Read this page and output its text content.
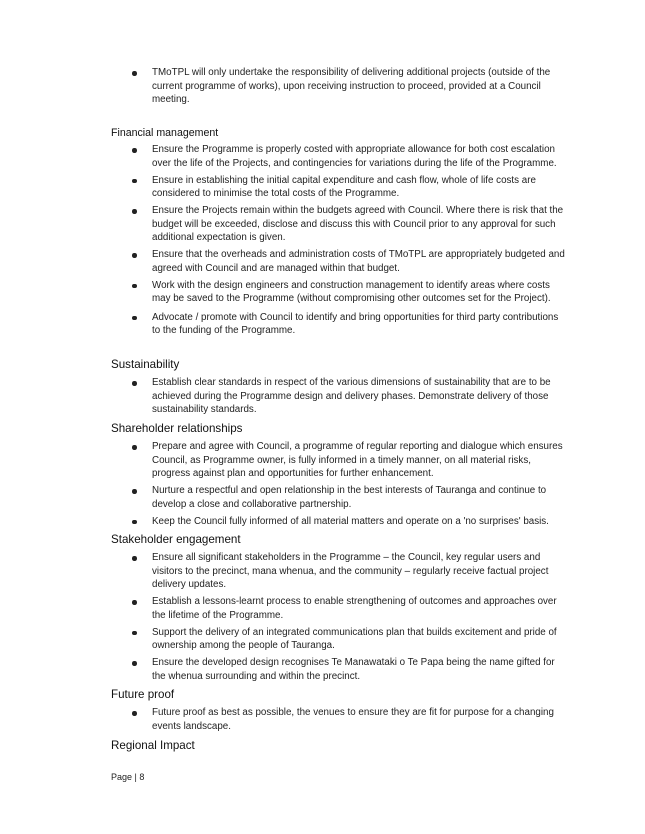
TMoTPL will only undertake the responsibility of delivering additional projects (outside of the current programme of works), upon receiving instruction to proceed, provided at a Council meeting.
Financial management
Ensure the Programme is properly costed with appropriate allowance for both cost escalation over the life of the Projects, and contingencies for variations during the life of the Programme.
Ensure in establishing the initial capital expenditure and cash flow, whole of life costs are considered to minimise the total costs of the Programme.
Ensure the Projects remain within the budgets agreed with Council. Where there is risk that the budget will be exceeded, disclose and discuss this with Council prior to any approval for such additional expectation is given.
Ensure that the overheads and administration costs of TMoTPL are appropriately budgeted and agreed with Council and are managed within that budget.
Work with the design engineers and construction management to identify areas where costs may be saved to the Programme (without compromising other outcomes set for the Project).
Advocate / promote with Council to identify and bring opportunities for third party contributions to the funding of the Programme.
Sustainability
Establish clear standards in respect of the various dimensions of sustainability that are to be achieved during the Programme design and delivery phases. Demonstrate delivery of those sustainability standards.
Shareholder relationships
Prepare and agree with Council, a programme of regular reporting and dialogue which ensures Council, as Programme owner, is fully informed in a timely manner, on all material risks, progress against plan and opportunities for further enhancement.
Nurture a respectful and open relationship in the best interests of Tauranga and continue to develop a close and collaborative partnership.
Keep the Council fully informed of all material matters and operate on a 'no surprises' basis.
Stakeholder engagement
Ensure all significant stakeholders in the Programme – the Council, key regular users and visitors to the precinct, mana whenua, and the community – regularly receive factual project delivery updates.
Establish a lessons-learnt process to enable strengthening of outcomes and approaches over the lifetime of the Programme.
Support the delivery of an integrated communications plan that builds excitement and pride of ownership among the people of Tauranga.
Ensure the developed design recognises Te Manawataki o Te Papa being the name gifted for the whenua surrounding and within the precinct.
Future proof
Future proof as best as possible, the venues to ensure they are fit for purpose for a changing events landscape.
Regional Impact
Page | 8
